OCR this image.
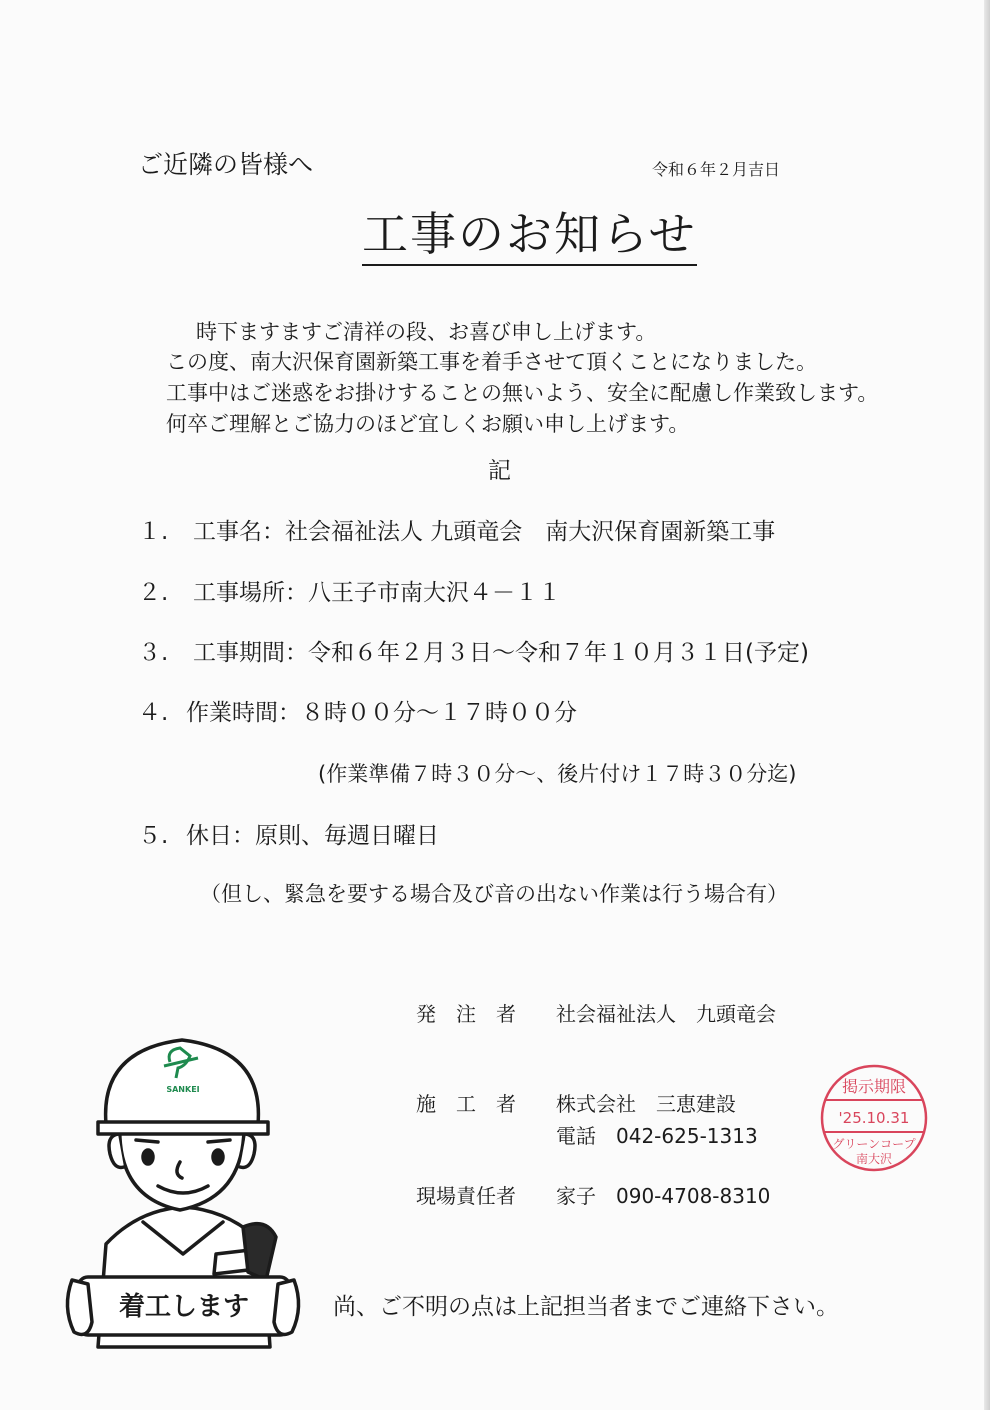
ご近隣の皆様へ	令和６年２月吉日
工事のお知らせ
時下ますますご清祥の段、お喜び申し上げます。
この度、南大沢保育園新築工事を着手させて頂くことになりました。
工事中はご迷惑をお掛けすることの無いよう、安全に配慮し作業致します。
何卒ご理解とご協力のほど宜しくお願い申し上げます。
記
１. 工事名：社会福祉法人 九頭竜会　南大沢保育園新築工事
２. 工事場所：八王子市南大沢４－１１
３. 工事期間：令和６年２月３日～令和７年１０月３１日(予定)
４. 作業時間：８時００分～１７時００分
(作業準備７時３０分～、後片付け１７時３０分迄)
５. 休日：原則、毎週日曜日
（但し、緊急を要する場合及び音の出ない作業は行う場合有）
発　注　者 社会福祉法人　九頭竜会
施　工　者 株式会社　三恵建設
電話　 042-625-1313
現場責任者 家子　 090-4708-8310
掲示期限
'25.10.31
グリーンコープ
南大沢
SANKEI
着工します	尚、ご不明の点は上記担当者までご連絡下さい。
